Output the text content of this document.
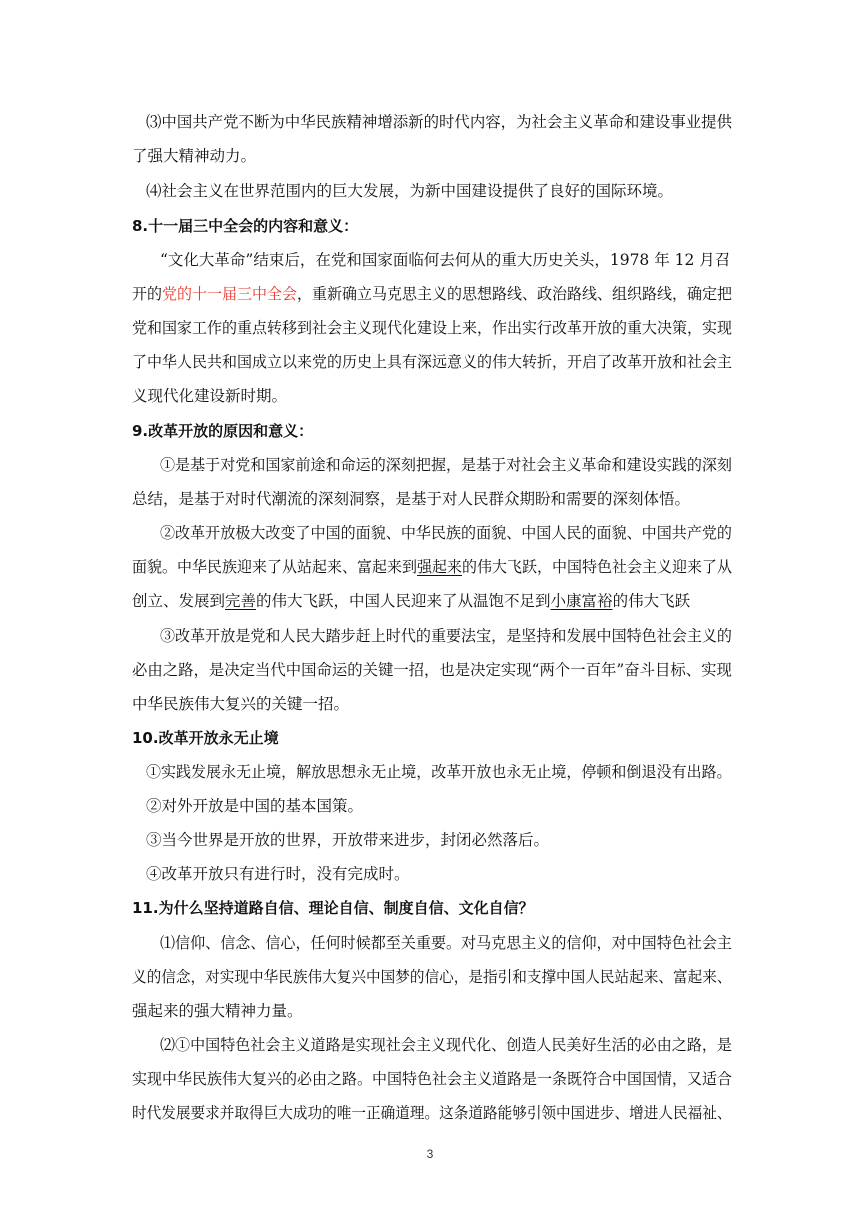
⑶中国共产党不断为中华民族精神增添新的时代内容，为社会主义革命和建设事业提供
了强大精神动力。
⑷社会主义在世界范围内的巨大发展，为新中国建设提供了良好的国际环境。
8.十一届三中全会的内容和意义：
“文化大革命”结束后，在党和国家面临何去何从的重大历史关头，1978 年 12 月召
开的党的十一届三中全会，重新确立马克思主义的思想路线、政治路线、组织路线，确定把
党和国家工作的重点转移到社会主义现代化建设上来，作出实行改革开放的重大决策，实现
了中华人民共和国成立以来党的历史上具有深远意义的伟大转折，开启了改革开放和社会主
义现代化建设新时期。
9.改革开放的原因和意义：
①是基于对党和国家前途和命运的深刻把握，是基于对社会主义革命和建设实践的深刻
总结，是基于对时代潮流的深刻洞察，是基于对人民群众期盼和需要的深刻体悟。
②改革开放极大改变了中国的面貌、中华民族的面貌、中国人民的面貌、中国共产党的
面貌。中华民族迎来了从站起来、富起来到强起来的伟大飞跃，中国特色社会主义迎来了从
创立、发展到完善的伟大飞跃，中国人民迎来了从温饱不足到小康富裕的伟大飞跃
③改革开放是党和人民大踏步赶上时代的重要法宝，是坚持和发展中国特色社会主义的
必由之路，是决定当代中国命运的关键一招，也是决定实现“两个一百年”奋斗目标、实现
中华民族伟大复兴的关键一招。
10.改革开放永无止境
①实践发展永无止境，解放思想永无止境，改革开放也永无止境，停顿和倒退没有出路。
②对外开放是中国的基本国策。
③当今世界是开放的世界，开放带来进步，封闭必然落后。
④改革开放只有进行时，没有完成时。
11.为什么坚持道路自信、理论自信、制度自信、文化自信？
⑴信仰、信念、信心，任何时候都至关重要。对马克思主义的信仰，对中国特色社会主
义的信念，对实现中华民族伟大复兴中国梦的信心，是指引和支撑中国人民站起来、富起来、
强起来的强大精神力量。
⑵①中国特色社会主义道路是实现社会主义现代化、创造人民美好生活的必由之路，是
实现中华民族伟大复兴的必由之路。中国特色社会主义道路是一条既符合中国国情，又适合
时代发展要求并取得巨大成功的唯一正确道理。这条道路能够引领中国进步、增进人民福祉、
3
